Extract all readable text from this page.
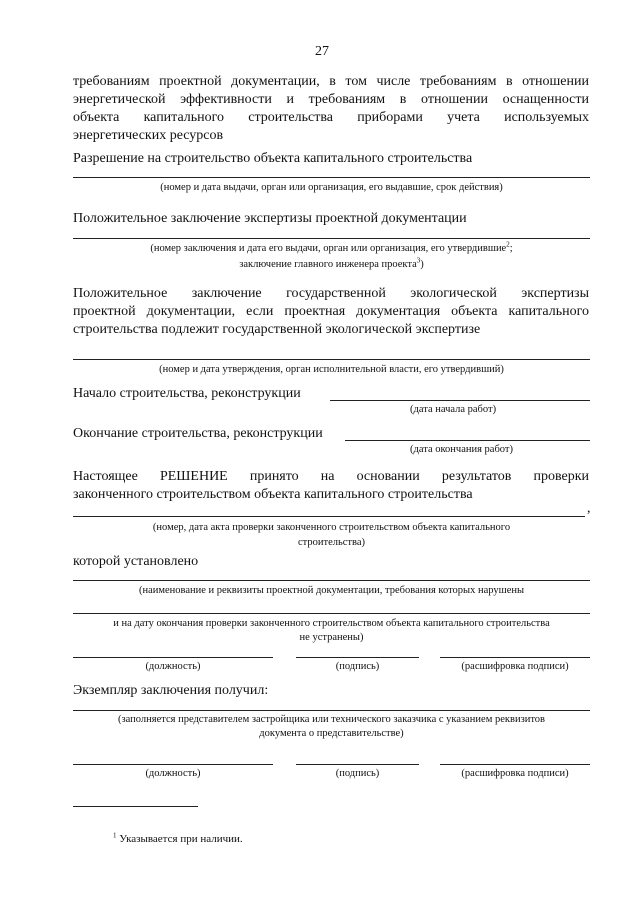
27
требованиям проектной документации, в том числе требованиям в отношении
энергетической эффективности и требованиям в отношении оснащенности
объекта капитального строительства приборами учета используемых
энергетических ресурсов
Разрешение на строительство объекта капитального строительства
(номер и дата выдачи, орган или организация, его выдавшие, срок действия)
Положительное заключение экспертизы проектной документации
(номер заключения и дата его выдачи, орган или организация, его утвердившие$^2$;
заключение главного инженера проекта$^3$)
Положительное заключение государственной экологической экспертизы
проектной документации, если проектная документация объекта капитального
строительства подлежит государственной экологической экспертизе
(номер и дата утверждения, орган исполнительной власти, его утвердивший)
Начало строительства, реконструкции
(дата начала работ)
Окончание строительства, реконструкции
(дата окончания работ)
Настоящее РЕШЕНИЕ принято на основании результатов проверки
законченного строительством объекта капитального строительства
,
(номер, дата акта проверки законченного строительством объекта капитального
строительства)
которой установлено
(наименование и реквизиты проектной документации, требования которых нарушены
и на дату окончания проверки законченного строительством объекта капитального строительства
не устранены)
(должность)	(подпись)	(расшифровка подписи)
Экземпляр заключения получил:
(заполняется представителем застройщика или технического заказчика с указанием реквизитов
документа о представительстве)
(должность)	(подпись)	(расшифровка подписи)
$^1$ Указывается при наличии.
